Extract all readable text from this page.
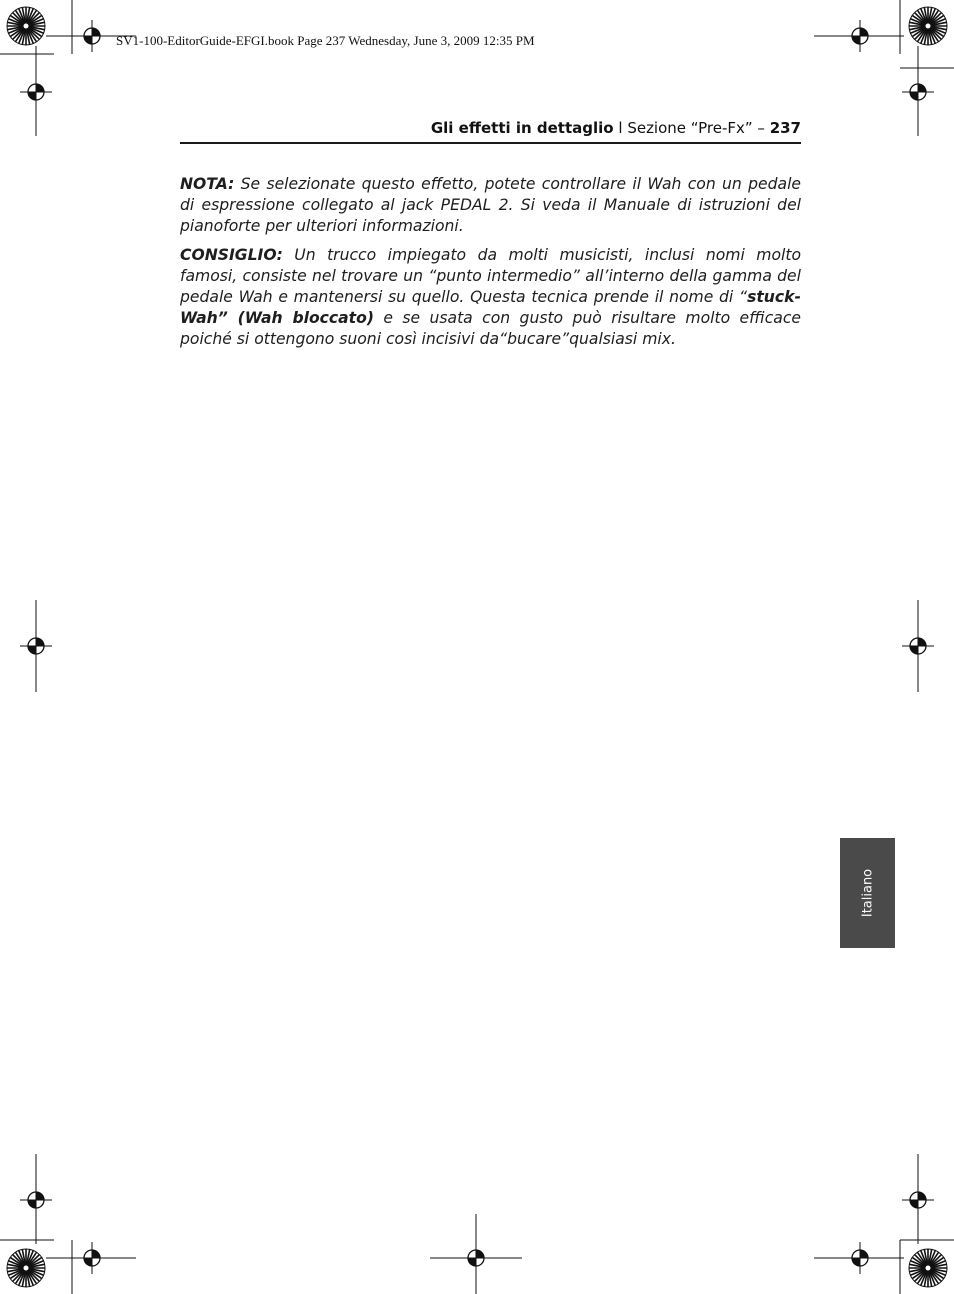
SV1-100-EditorGuide-EFGI.book Page 237 Wednesday, June 3, 2009 12:35 PM
Gli effetti in dettaglio l Sezione “Pre-Fx” – 237

NOTA: Se selezionate questo effetto, potete controllare il Wah con un pedale di espressione collegato al jack PEDAL 2. Si veda il Manuale di istruzioni del pianoforte per ulteriori informazioni.

CONSIGLIO: Un trucco impiegato da molti musicisti, inclusi nomi molto famosi, consiste nel trovare un “punto intermedio” all’interno della gamma del pedale Wah e mantenersi su quello. Questa tecnica prende il nome di “stuck-Wah” (Wah bloccato) e se usata con gusto può risultare molto efficace poiché si ottengono suoni così incisivi da“bucare”qualsiasi mix.

Italiano
